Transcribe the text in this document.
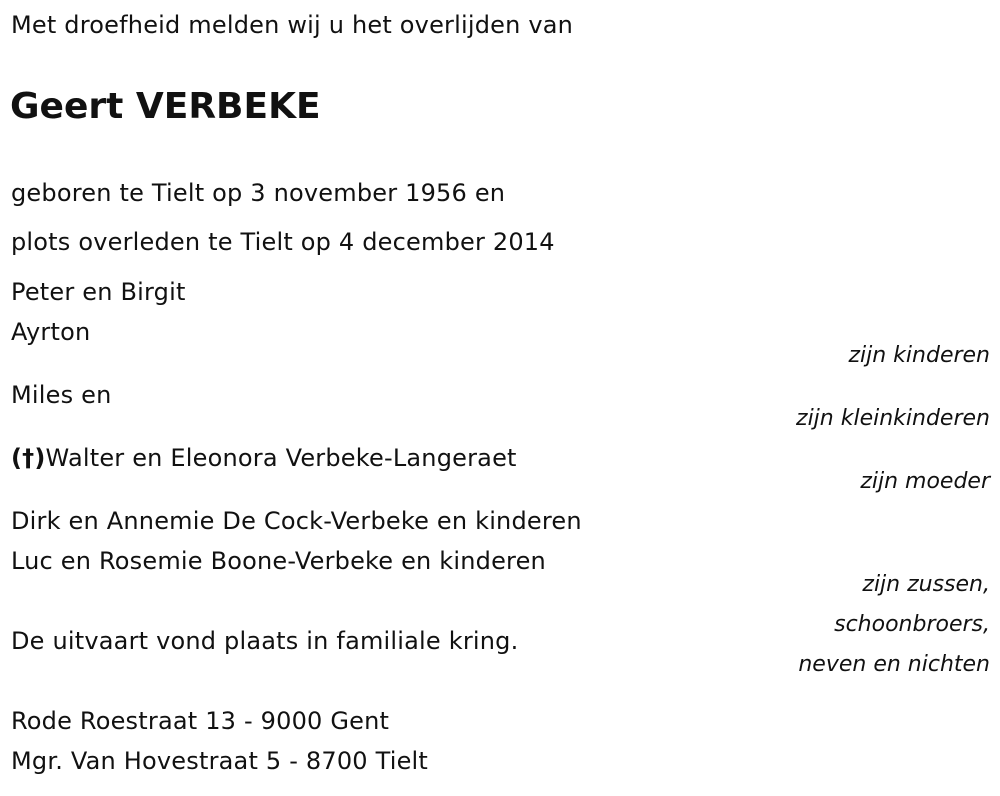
Met droefheid melden wij u het overlijden van
Geert VERBEKE
geboren te Tielt op 3 november 1956 en
plots overleden te Tielt op 4 december 2014
Peter en Birgit
Ayrton
zijn kinderen
Miles en
zijn kleinkinderen
(†)Walter en Eleonora Verbeke-Langeraet
zijn moeder
Dirk en Annemie De Cock-Verbeke en kinderen
Luc en Rosemie Boone-Verbeke en kinderen
zijn zussen,
schoonbroers,
neven en nichten
De uitvaart vond plaats in familiale kring.
Rode Roestraat 13 - 9000 Gent
Mgr. Van Hovestraat 5 - 8700 Tielt
